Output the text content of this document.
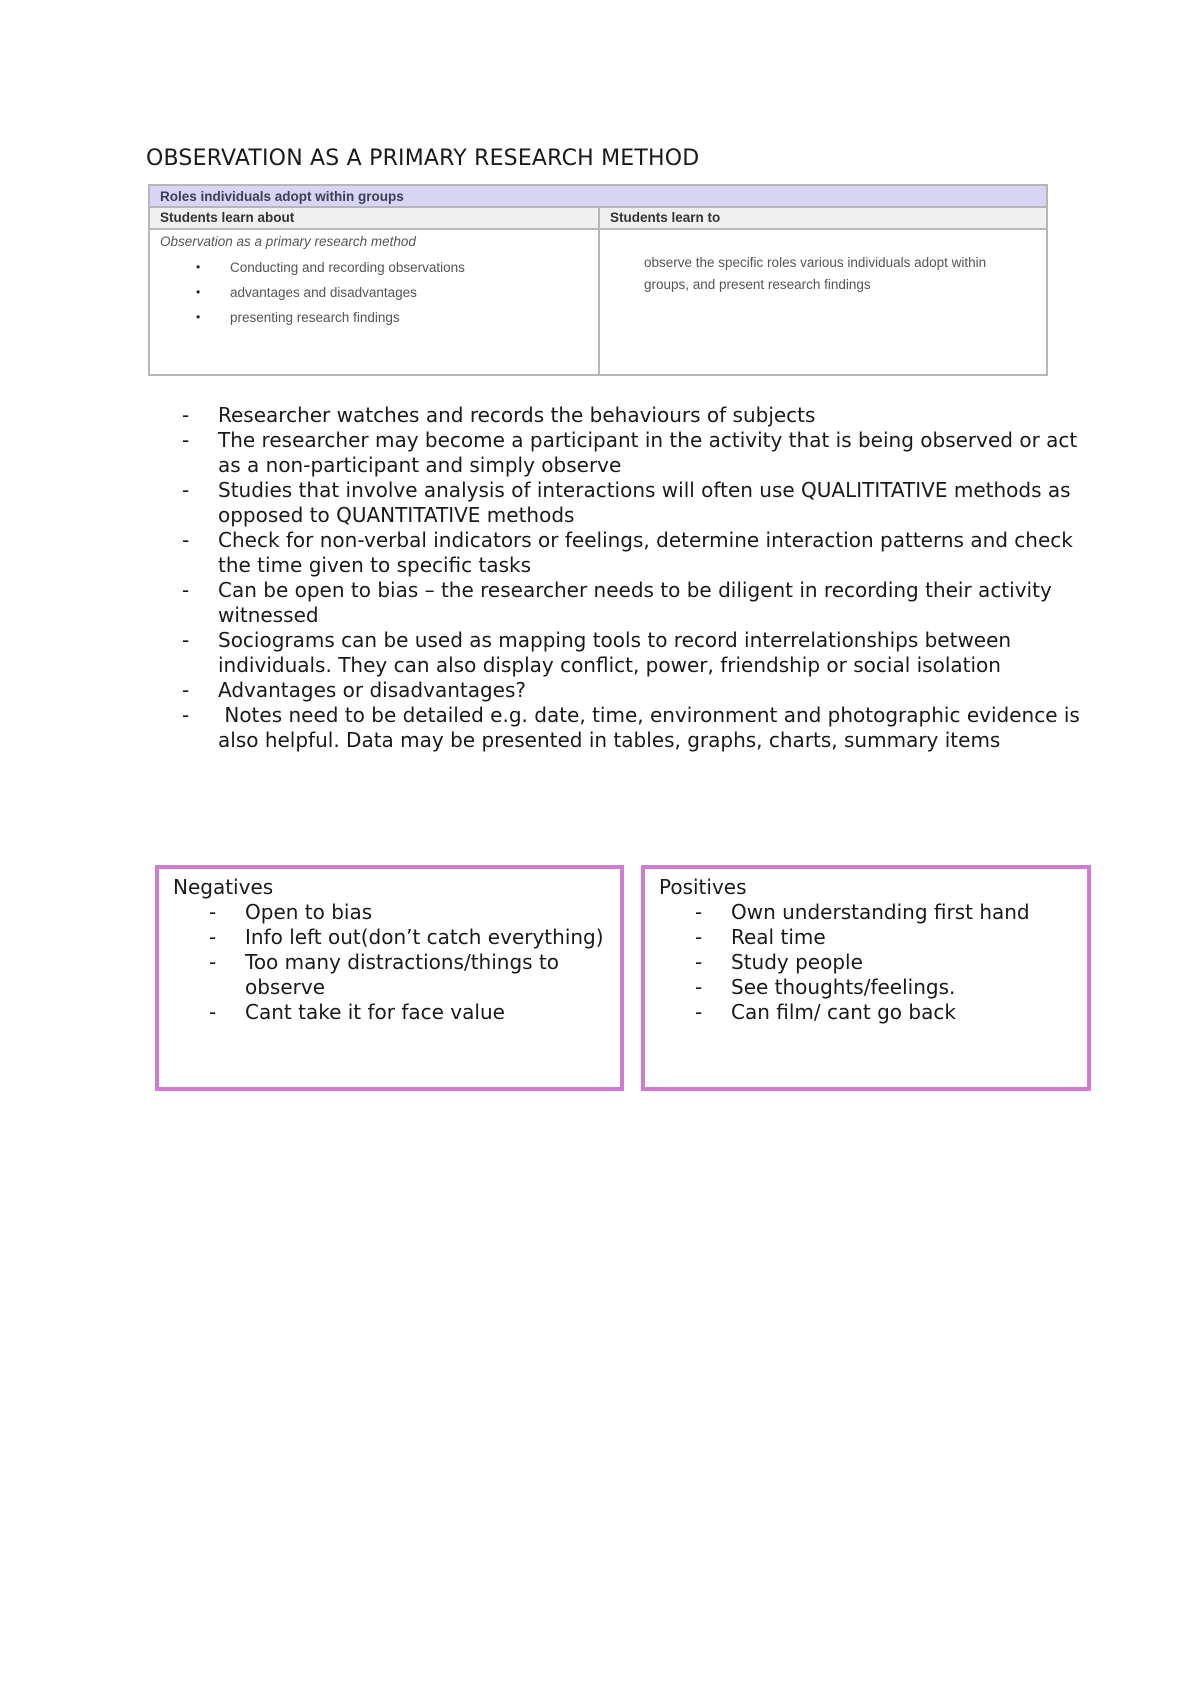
OBSERVATION AS A PRIMARY RESEARCH METHOD
Roles individuals adopt within groups
Students learn about	Students learn to
Observation as a primary research method
• Conducting and recording observations
• advantages and disadvantages
• presenting research findings
observe the specific roles various individuals adopt within groups, and present research findings
- Researcher watches and records the behaviours of subjects
- The researcher may become a participant in the activity that is being observed or act as a non-participant and simply observe
- Studies that involve analysis of interactions will often use QUALITITATIVE methods as opposed to QUANTITATIVE methods
- Check for non-verbal indicators or feelings, determine interaction patterns and check the time given to specific tasks
- Can be open to bias – the researcher needs to be diligent in recording their activity witnessed
- Sociograms can be used as mapping tools to record interrelationships between individuals. They can also display conflict, power, friendship or social isolation
- Advantages or disadvantages?
- Notes need to be detailed e.g. date, time, environment and photographic evidence is also helpful. Data may be presented in tables, graphs, charts, summary items
Negatives
- Open to bias
- Info left out(don’t catch everything)
- Too many distractions/things to observe
- Cant take it for face value
Positives
- Own understanding first hand
- Real time
- Study people
- See thoughts/feelings.
- Can film/ cant go back
